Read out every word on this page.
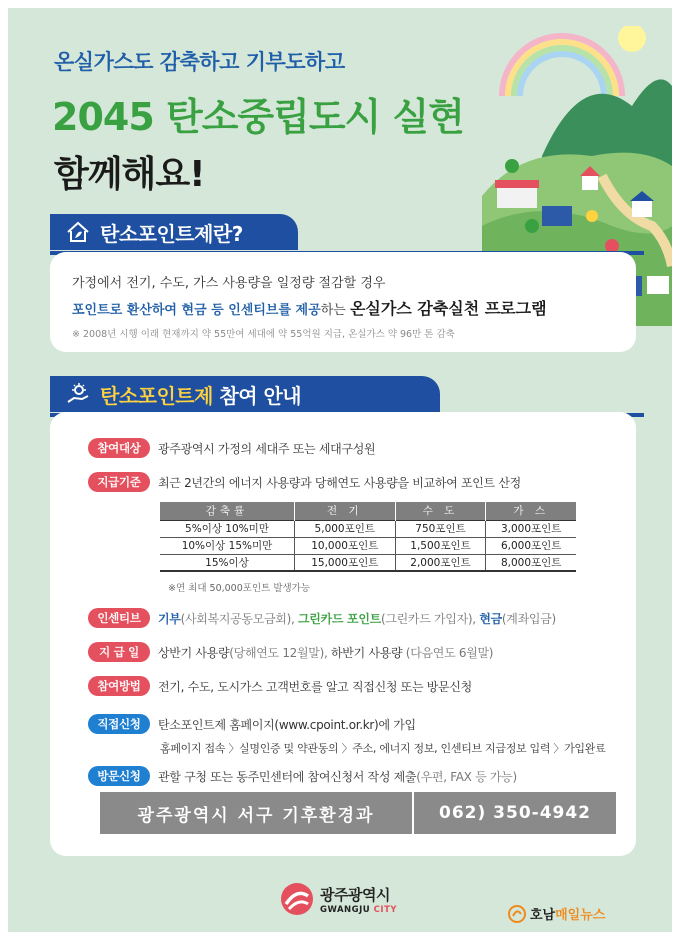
온실가스도 감축하고 기부도하고
2045 탄소중립도시 실현
함께해요!
탄소포인트제란?
가정에서 전기, 수도, 가스 사용량을 일정량 절감할 경우
포인트로 환산하여 현금 등 인센티브를 제공하는 온실가스 감축실천 프로그램
※ 2008년 시행 이래 현재까지 약 55만여 세대에 약 55억원 지급, 온실가스 약 96만 톤 감축
탄소포인트제 참여 안내
참여대상	광주광역시 가정의 세대주 또는 세대구성원
지급기준	최근 2년간의 에너지 사용량과 당해연도 사용량을 비교하여 포인트 산정
감축률	전 기	수 도	가 스
5%이상 10%미만	5,000포인트	750포인트	3,000포인트
10%이상 15%미만	10,000포인트	1,500포인트	6,000포인트
15%이상	15,000포인트	2,000포인트	8,000포인트
※연 최대 50,000포인트 발생가능
인센티브	기부(사회복지공동모금회), 그린카드 포인트(그린카드 가입자), 현금(계좌입금)
지 급 일	상반기 사용량(당해연도 12월말), 하반기 사용량 (다음연도 6월말)
참여방법	전기, 수도, 도시가스 고객번호를 알고 직접신청 또는 방문신청
직접신청	탄소포인트제 홈페이지(www.cpoint.or.kr)에 가입
홈페이지 접속 〉실명인증 및 약관동의 〉주소, 에너지 정보, 인센티브 지급정보 입력 〉가입완료
방문신청	관할 구청 또는 동주민센터에 참여신청서 작성 제출(우편, FAX 등 가능)
광주광역시 서구 기후환경과	062) 350-4942
광주광역시
GWANGJU CITY	호남매일뉴스
